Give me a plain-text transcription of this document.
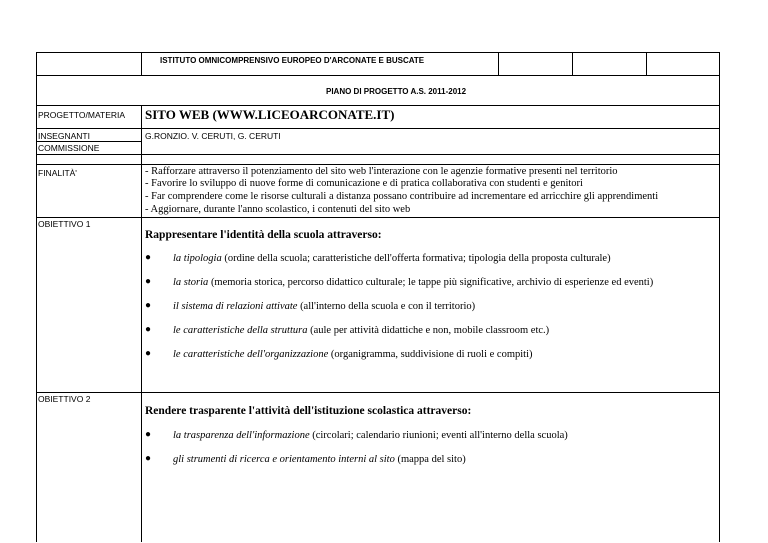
ISTITUTO OMNICOMPRENSIVO EUROPEO D'ARCONATE E BUSCATE
PIANO DI PROGETTO A.S. 2011-2012
PROGETTO/MATERIA
INSEGNANTI
COMMISSIONE
FINALITÀ'
OBIETTIVO 1
OBIETTIVO 2
SITO WEB (WWW.LICEOARCONATE.IT)
G.RONZIO. V. CERUTI, G. CERUTI
- Rafforzare attraverso il potenziamento del sito web l'interazione con le agenzie formative presenti nel territorio
- Favorire lo sviluppo di nuove forme di comunicazione e di pratica collaborativa con studenti e genitori
- Far comprendere come le risorse culturali a distanza possano contribuire ad incrementare ed arricchire gli apprendimenti
- Aggiornare, durante l'anno scolastico, i contenuti del sito web
Rappresentare l'identità della scuola attraverso:
● la tipologia (ordine della scuola; caratteristiche dell'offerta formativa; tipologia della proposta culturale)
● la storia (memoria storica, percorso didattico culturale; le tappe più significative, archivio di esperienze ed eventi)
● il sistema di relazioni attivate (all'interno della scuola e con il territorio)
● le caratteristiche della struttura (aule per attività didattiche e non, mobile classroom etc.)
● le caratteristiche dell'organizzazione (organigramma, suddivisione di ruoli e compiti)
Rendere trasparente l'attività dell'istituzione scolastica attraverso:
● la trasparenza dell'informazione (circolari; calendario riunioni; eventi all'interno della scuola)
● gli strumenti di ricerca e orientamento interni al sito (mappa del sito)
